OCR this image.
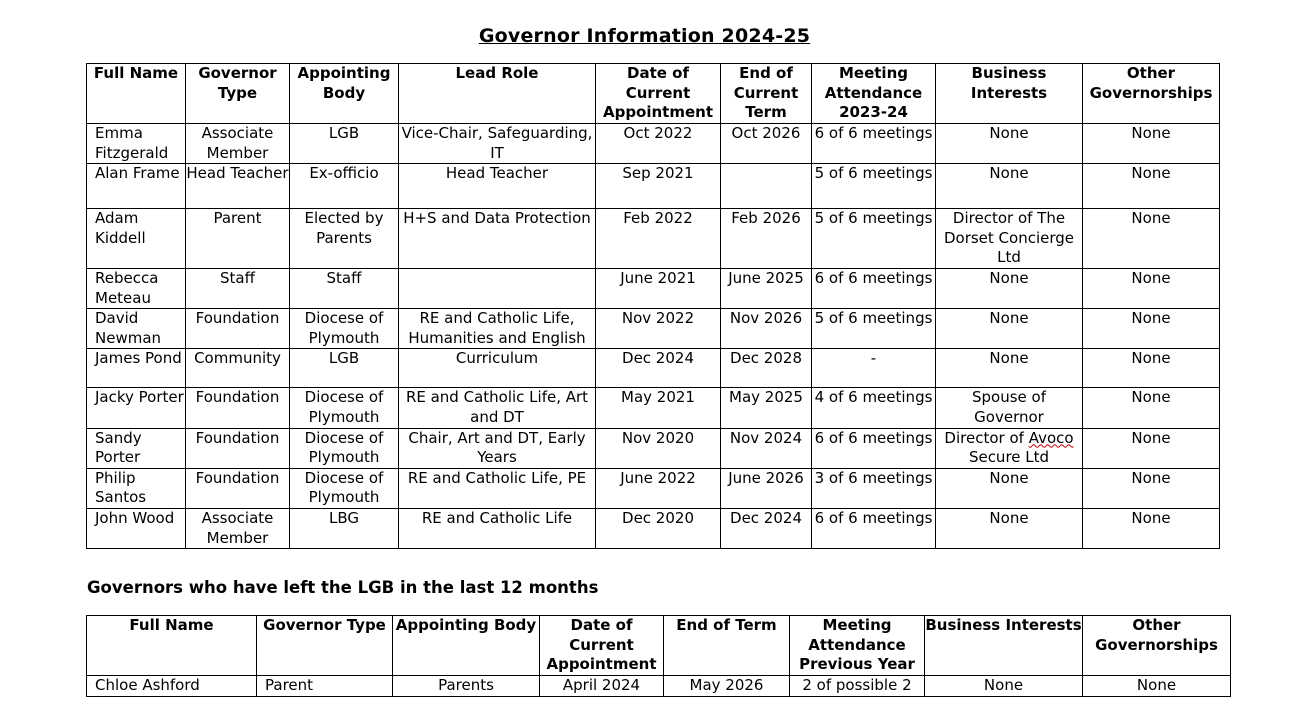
Governor Information 2024-25
Full Name	Governor Type	Appointing Body	Lead Role	Date of Current Appointment	End of Current Term	Meeting Attendance 2023-24	Business Interests	Other Governorships
Emma Fitzgerald	Associate Member	LGB	Vice-Chair, Safeguarding, IT	Oct 2022	Oct 2026	6 of 6 meetings	None	None
Alan Frame	Head Teacher	Ex-officio	Head Teacher	Sep 2021		5 of 6 meetings	None	None
Adam Kiddell	Parent	Elected by Parents	H+S and Data Protection	Feb 2022	Feb 2026	5 of 6 meetings	Director of The Dorset Concierge Ltd	None
Rebecca Meteau	Staff	Staff		June 2021	June 2025	6 of 6 meetings	None	None
David Newman	Foundation	Diocese of Plymouth	RE and Catholic Life, Humanities and English	Nov 2022	Nov 2026	5 of 6 meetings	None	None
James Pond	Community	LGB	Curriculum	Dec 2024	Dec 2028	-	None	None
Jacky Porter	Foundation	Diocese of Plymouth	RE and Catholic Life, Art and DT	May 2021	May 2025	4 of 6 meetings	Spouse of Governor	None
Sandy Porter	Foundation	Diocese of Plymouth	Chair, Art and DT, Early Years	Nov 2020	Nov 2024	6 of 6 meetings	Director of Avoco Secure Ltd	None
Philip Santos	Foundation	Diocese of Plymouth	RE and Catholic Life, PE	June 2022	June 2026	3 of 6 meetings	None	None
John Wood	Associate Member	LBG	RE and Catholic Life	Dec 2020	Dec 2024	6 of 6 meetings	None	None
Governors who have left the LGB in the last 12 months
Full Name	Governor Type	Appointing Body	Date of Current Appointment	End of Term	Meeting Attendance Previous Year	Business Interests	Other Governorships
Chloe Ashford	Parent	Parents	April 2024	May 2026	2 of possible 2	None	None
